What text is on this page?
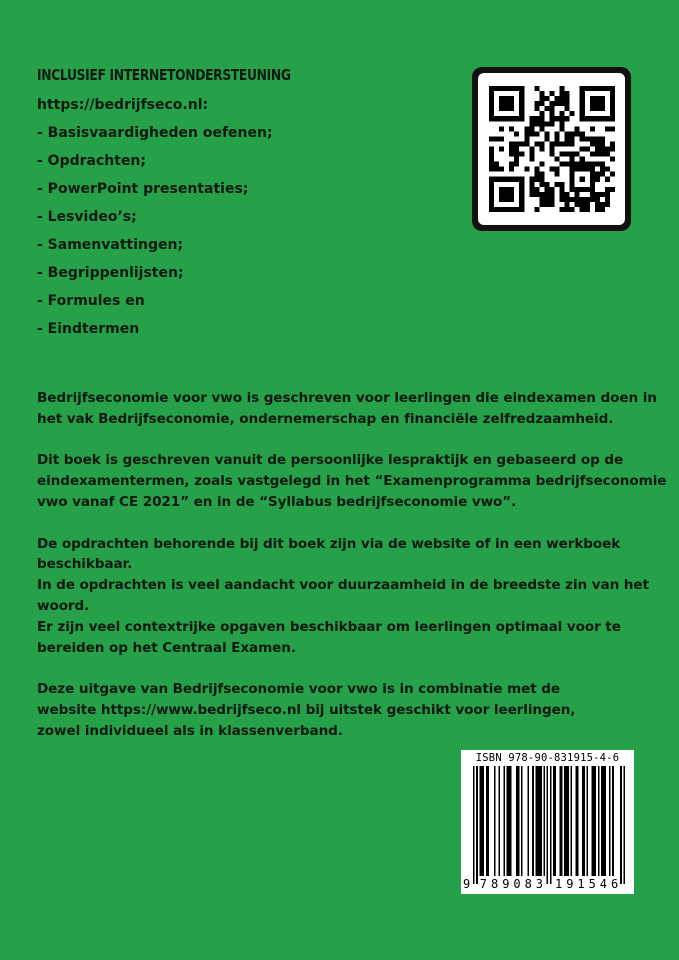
INCLUSIEF INTERNETONDERSTEUNING
https://bedrijfseco.nl:
- Basisvaardigheden oefenen;
- Opdrachten;
- PowerPoint presentaties;
- Lesvideo’s;
- Samenvattingen;
- Begrippenlijsten;
- Formules en
- Eindtermen

Bedrijfseconomie voor vwo is geschreven voor leerlingen die eindexamen doen in
het vak Bedrijfseconomie, ondernemerschap en financiële zelfredzaamheid.

Dit boek is geschreven vanuit de persoonlijke lespraktijk en gebaseerd op de
eindexamentermen, zoals vastgelegd in het “Examenprogramma bedrijfseconomie
vwo vanaf CE 2021” en in de “Syllabus bedrijfseconomie vwo”.

De opdrachten behorende bij dit boek zijn via de website of in een werkboek
beschikbaar.
In de opdrachten is veel aandacht voor duurzaamheid in de breedste zin van het
woord.
Er zijn veel contextrijke opgaven beschikbaar om leerlingen optimaal voor te
bereiden op het Centraal Examen.

Deze uitgave van Bedrijfseconomie voor vwo is in combinatie met de
website https://www.bedrijfseco.nl bij uitstek geschikt voor leerlingen,
zowel individueel als in klassenverband.

ISBN 978-90-831915-4-6
9 7 8 9 0 8 3 1 9 1 5 4 6
